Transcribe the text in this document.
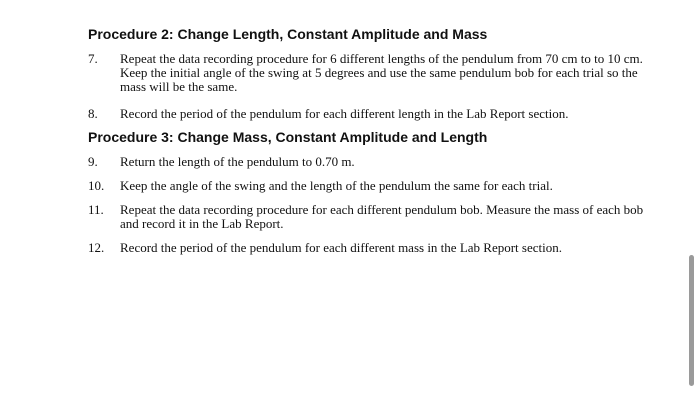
Procedure 2: Change Length, Constant Amplitude and Mass
7.	Repeat the data recording procedure for 6 different lengths of the pendulum from 70 cm to to 10 cm. Keep the initial angle of the swing at 5 degrees and use the same pendulum bob for each trial so the mass will be the same.
8.	Record the period of the pendulum for each different length in the Lab Report section.
Procedure 3: Change Mass, Constant Amplitude and Length
9.	Return the length of the pendulum to 0.70 m.
10.	Keep the angle of the swing and the length of the pendulum the same for each trial.
11.	Repeat the data recording procedure for each different pendulum bob. Measure the mass of each bob and record it in the Lab Report.
12.	Record the period of the pendulum for each different mass in the Lab Report section.
